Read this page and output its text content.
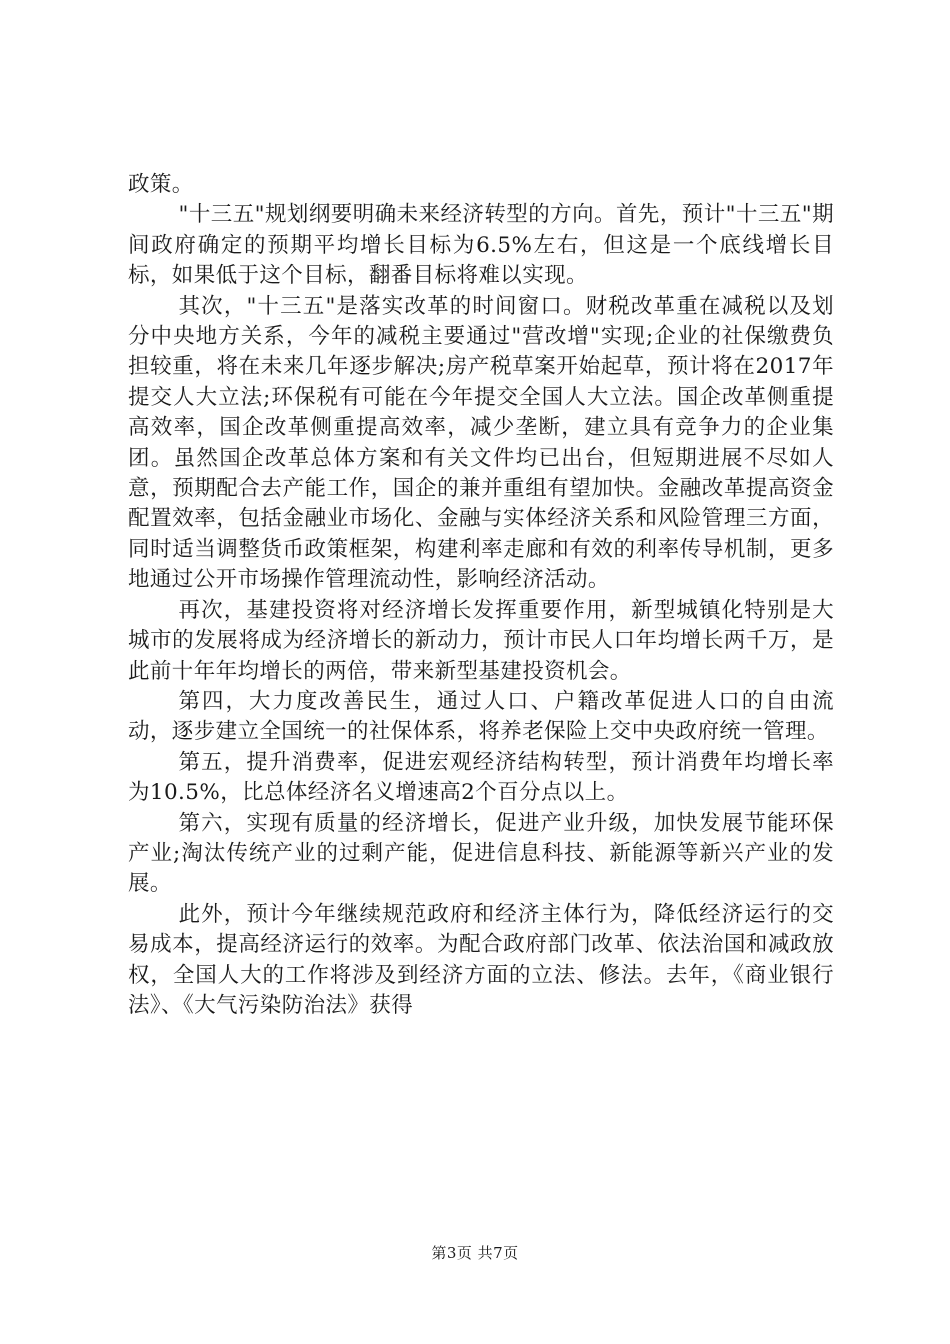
政策。

"十三五"规划纲要明确未来经济转型的方向。首先，预计"十三五"期间政府确定的预期平均增长目标为6.5%左右，但这是一个底线增长目标，如果低于这个目标，翻番目标将难以实现。

其次，"十三五"是落实改革的时间窗口。财税改革重在减税以及划分中央地方关系，今年的减税主要通过"营改增"实现;企业的社保缴费负担较重，将在未来几年逐步解决;房产税草案开始起草，预计将在2017年提交人大立法;环保税有可能在今年提交全国人大立法。国企改革侧重提高效率，国企改革侧重提高效率，减少垄断，建立具有竞争力的企业集团。虽然国企改革总体方案和有关文件均已出台，但短期进展不尽如人意，预期配合去产能工作，国企的兼并重组有望加快。金融改革提高资金配置效率，包括金融业市场化、金融与实体经济关系和风险管理三方面，同时适当调整货币政策框架，构建利率走廊和有效的利率传导机制，更多地通过公开市场操作管理流动性，影响经济活动。

再次，基建投资将对经济增长发挥重要作用，新型城镇化特别是大城市的发展将成为经济增长的新动力，预计市民人口年均增长两千万，是此前十年年均增长的两倍，带来新型基建投资机会。

第四，大力度改善民生，通过人口、户籍改革促进人口的自由流动，逐步建立全国统一的社保体系，将养老保险上交中央政府统一管理。

第五，提升消费率，促进宏观经济结构转型，预计消费年均增长率为10.5%，比总体经济名义增速高2个百分点以上。

第六，实现有质量的经济增长，促进产业升级，加快发展节能环保产业;淘汰传统产业的过剩产能，促进信息科技、新能源等新兴产业的发展。

此外，预计今年继续规范政府和经济主体行为，降低经济运行的交易成本，提高经济运行的效率。为配合政府部门改革、依法治国和减政放权，全国人大的工作将涉及到经济方面的立法、修法。去年，《商业银行法》、《大气污染防治法》获得

第3页 共7页
